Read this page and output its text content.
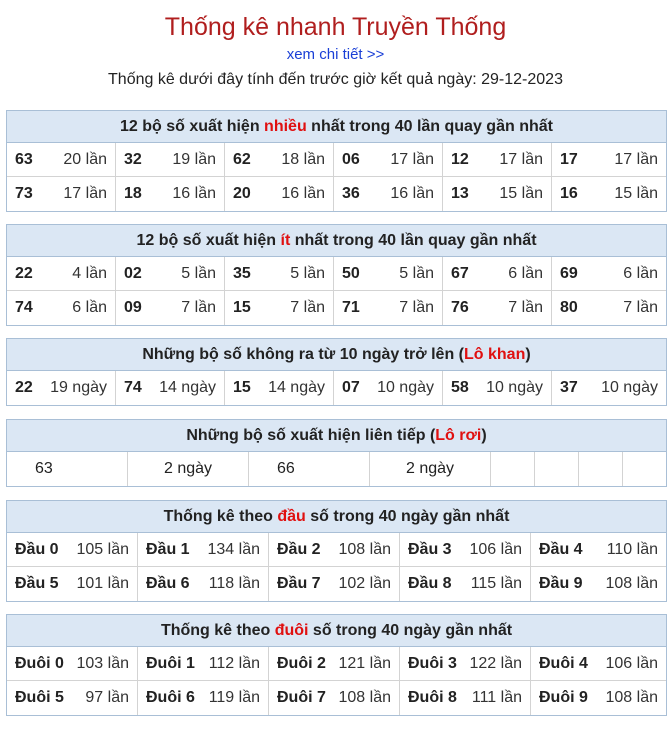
Thống kê nhanh Truyền Thống
xem chi tiết >>
Thống kê dưới đây tính đến trước giờ kết quả ngày: 29-12-2023
12 bộ số xuất hiện nhiều nhất trong 40 lần quay gần nhất
63 20 lần 32 19 lần 62 18 lần 06 17 lần 12 17 lần 17 17 lần
73 17 lần 18 16 lần 20 16 lần 36 16 lần 13 15 lần 16 15 lần
12 bộ số xuất hiện ít nhất trong 40 lần quay gần nhất
22 4 lần 02 5 lần 35 5 lần 50 5 lần 67 6 lần 69	6 lần
74 6 lần 09 7 lần 15 7 lần 71 7 lần 76 7 lần 80	7 lần
Những bộ số không ra từ 10 ngày trở lên (Lô khan)
22 19 ngày 74 14 ngày 15 14 ngày 07 10 ngày 58 10 ngày 37 10 ngày
Những bộ số xuất hiện liên tiếp (Lô rơi)
63	2 ngày	66	2 ngày
Thống kê theo đầu số trong 40 ngày gần nhất
Đầu 0 105 lần Đầu 1 134 lần Đầu 2 108 lần Đầu 3 106 lần Đầu 4 110 lần
Đầu 5 101 lần Đầu 6 118 lần Đầu 7 102 lần Đầu 8 115 lần Đầu 9 108 lần
Thống kê theo đuôi số trong 40 ngày gần nhất
Đuôi 0 103 lần Đuôi 1 112 lần Đuôi 2 121 lần Đuôi 3 122 lần Đuôi 4 106 lần
Đuôi 5 97 lần Đuôi 6 119 lần Đuôi 7 108 lần Đuôi 8 111 lần Đuôi 9 108 lần
